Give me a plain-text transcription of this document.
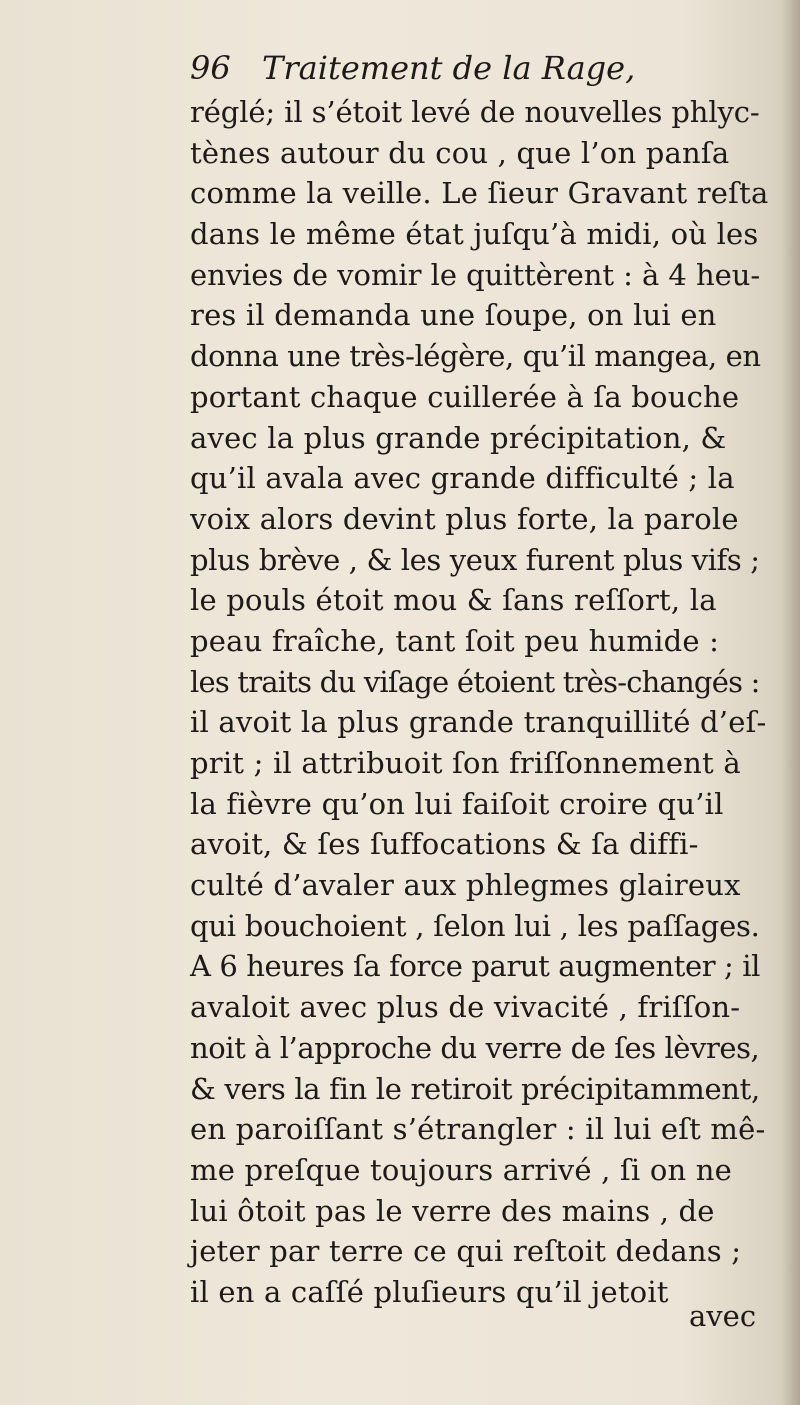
96 Traitement de la Rage,
réglé; il s’étoit levé de nouvelles phlyc-
tènes autour du cou , que l’on panſa
comme la veille. Le ſieur Gravant reſta
dans le même état juſqu’à midi, où les
envies de vomir le quittèrent : à 4 heu-
res il demanda une ſoupe, on lui en
donna une très-légère, qu’il mangea, en
portant chaque cuillerée à ſa bouche
avec la plus grande précipitation, &
qu’il avala avec grande difficulté ; la
voix alors devint plus forte, la parole
plus brève , & les yeux furent plus vifs ;
le pouls étoit mou & ſans reſſort, la
peau fraîche, tant ſoit peu humide :
les traits du viſage étoient très-changés :
il avoit la plus grande tranquillité d’eſ-
prit ; il attribuoit ſon friſſonnement à
la fièvre qu’on lui faiſoit croire qu’il
avoit, & ſes ſuffocations & ſa diffi-
culté d’avaler aux phlegmes glaireux
qui bouchoient , ſelon lui , les paſſages.
A 6 heures ſa force parut augmenter ; il
avaloit avec plus de vivacité , friſſon-
noit à l’approche du verre de ſes lèvres,
& vers la fin le retiroit précipitamment,
en paroiſſant s’étrangler : il lui eſt mê-
me preſque toujours arrivé , ſi on ne
lui ôtoit pas le verre des mains , de
jeter par terre ce qui reſtoit dedans ;
il en a caſſé pluſieurs qu’il jetoit
avec
